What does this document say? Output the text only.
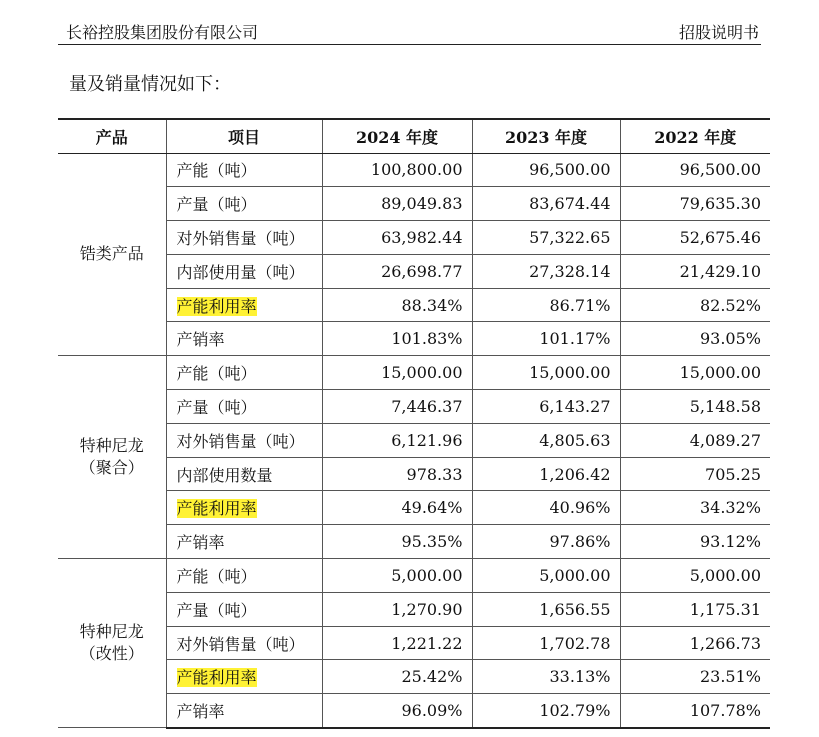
长裕控股集团股份有限公司	招股说明书
量及销量情况如下：
产品	项目	2024 年度	2023 年度	2022 年度

锆类产品	产能（吨）	100,800.00	96,500.00	96,500.00
	产量（吨）	89,049.83	83,674.44	79,635.30
	对外销售量（吨）	63,982.44	57,322.65	52,675.46
	内部使用量（吨）	26,698.77	27,328.14	21,429.10
	产能利用率	88.34%	86.71%	82.52%
	产销率	101.83%	101.17%	93.05%

特种尼龙
（聚合）	产能（吨）	15,000.00	15,000.00	15,000.00
	产量（吨）	7,446.37	6,143.27	5,148.58
	对外销售量（吨）	6,121.96	4,805.63	4,089.27
	内部使用数量	978.33	1,206.42	705.25
	产能利用率	49.64%	40.96%	34.32%
	产销率	95.35%	97.86%	93.12%

特种尼龙
（改性）	产能（吨）	5,000.00	5,000.00	5,000.00
	产量（吨）	1,270.90	1,656.55	1,175.31
	对外销售量（吨）	1,221.22	1,702.78	1,266.73
	产能利用率	25.42%	33.13%	23.51%
	产销率	96.09%	102.79%	107.78%
